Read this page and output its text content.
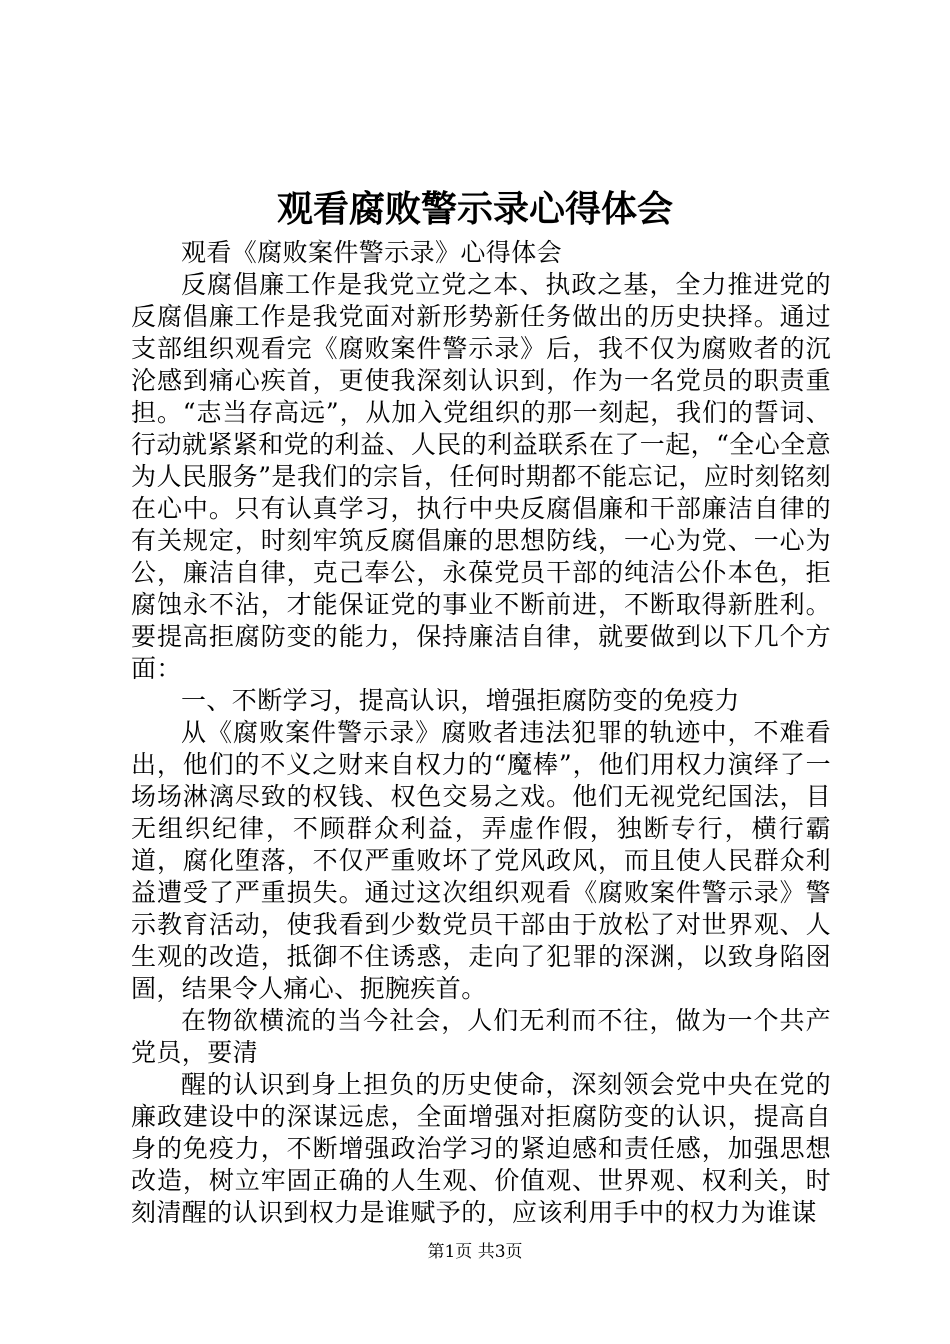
观看腐败警示录心得体会

观看《腐败案件警示录》心得体会

反腐倡廉工作是我党立党之本、执政之基，全力推进党的反腐倡廉工作是我党面对新形势新任务做出的历史抉择。通过支部组织观看完《腐败案件警示录》后，我不仅为腐败者的沉沦感到痛心疾首，更使我深刻认识到，作为一名党员的职责重担。“志当存高远”，从加入党组织的那一刻起，我们的誓词、行动就紧紧和党的利益、人民的利益联系在了一起，“全心全意为人民服务”是我们的宗旨，任何时期都不能忘记，应时刻铭刻在心中。只有认真学习，执行中央反腐倡廉和干部廉洁自律的有关规定，时刻牢筑反腐倡廉的思想防线，一心为党、一心为公，廉洁自律，克己奉公，永葆党员干部的纯洁公仆本色，拒腐蚀永不沾，才能保证党的事业不断前进，不断取得新胜利。要提高拒腐防变的能力，保持廉洁自律，就要做到以下几个方面：

一、不断学习，提高认识，增强拒腐防变的免疫力

从《腐败案件警示录》腐败者违法犯罪的轨迹中，不难看出，他们的不义之财来自权力的“魔棒”，他们用权力演绎了一场场淋漓尽致的权钱、权色交易之戏。他们无视党纪国法，目无组织纪律，不顾群众利益，弄虚作假，独断专行，横行霸道，腐化堕落，不仅严重败坏了党风政风，而且使人民群众利益遭受了严重损失。通过这次组织观看《腐败案件警示录》警示教育活动，使我看到少数党员干部由于放松了对世界观、人生观的改造，抵御不住诱惑，走向了犯罪的深渊，以致身陷囹圄，结果令人痛心、扼腕疾首。

在物欲横流的当今社会，人们无利而不往，做为一个共产党员，要清

醒的认识到身上担负的历史使命，深刻领会党中央在党的廉政建设中的深谋远虑，全面增强对拒腐防变的认识，提高自身的免疫力，不断增强政治学习的紧迫感和责任感，加强思想改造，树立牢固正确的人生观、价值观、世界观、权利关，时刻清醒的认识到权力是谁赋予的，应该利用手中的权力为谁谋

第1页 共3页
